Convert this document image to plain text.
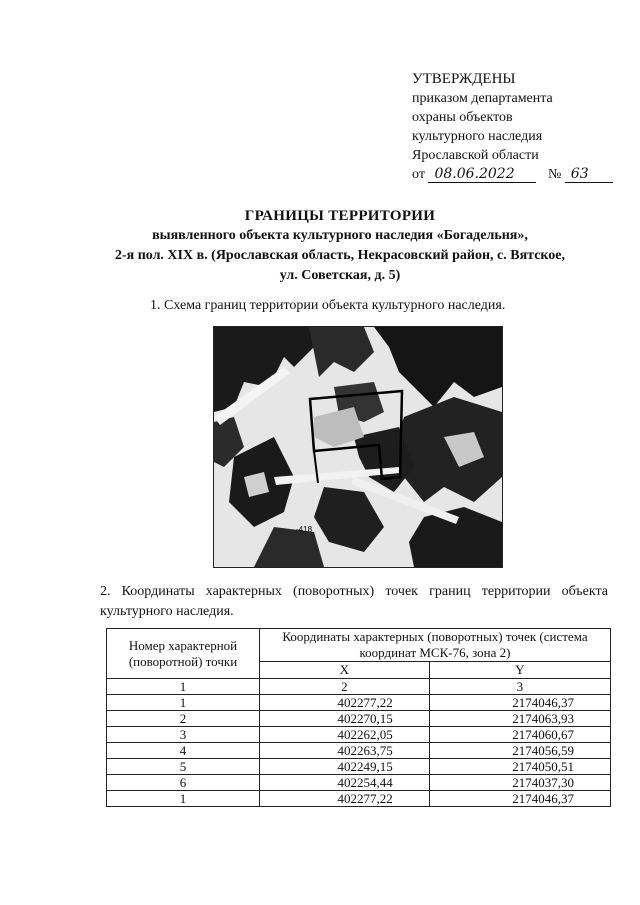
УТВЕРЖДЕНЫ
приказом департамента
охраны объектов
культурного наследия
Ярославской области
от 08.06.2022 № 63
ГРАНИЦЫ ТЕРРИТОРИИ
выявленного объекта культурного наследия «Богадельня»,
2-я пол. XIX в. (Ярославская область, Некрасовский район, с. Вятское,
ул. Советская, д. 5)
1. Схема границ территории объекта культурного наследия.
-418
2. Координаты характерных (поворотных) точек границ территории объекта культурного наследия.
Номер характерной (поворотной) точки	Координаты характерных (поворотных) точек (система координат МСК-76, зона 2)	
	X	Y
1	2	3
1	402277,22	2174046,37
2	402270,15	2174063,93
3	402262,05	2174060,67
4	402263,75	2174056,59
5	402249,15	2174050,51
6	402254,44	2174037,30
1	402277,22	2174046,37
